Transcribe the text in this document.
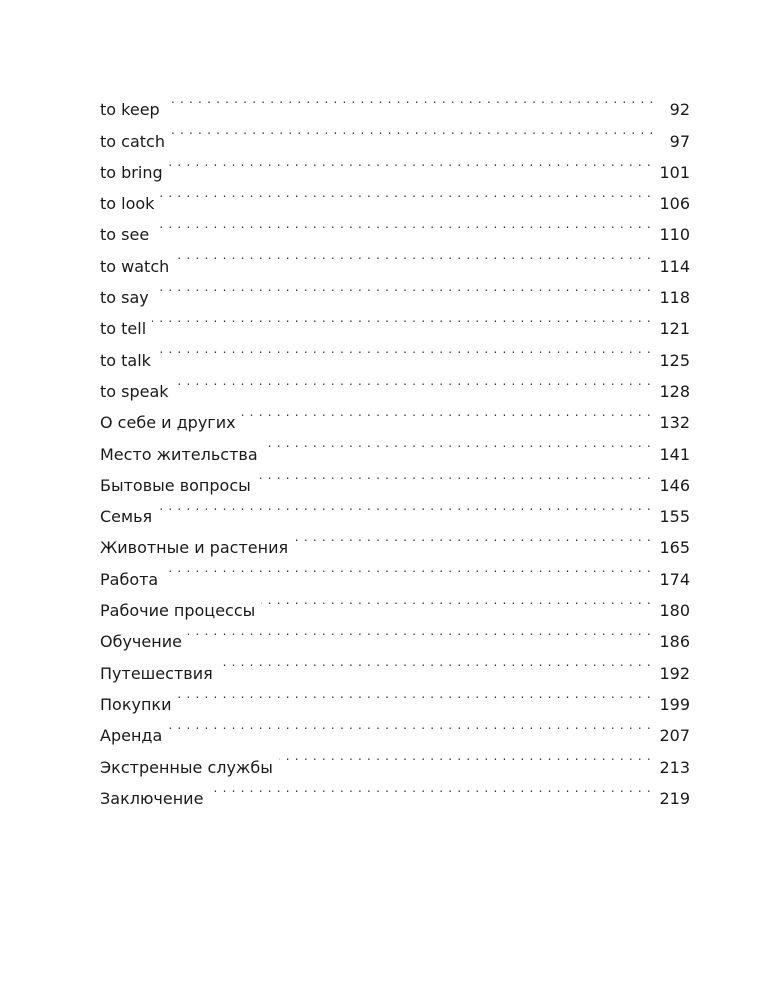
to keep . . .	92
to catch . . .	97
to bring . . .	101
to look . . .	106
to see . . .	110
to watch . . .	114
to say . . .	118
to tell . . .	121
to talk . . .	125
to speak . . .	128
О себе и других . . .	132
Место жительства . . .	141
Бытовые вопросы . . .	146
Семья . . .	155
Животные и растения . . .	165
Работа . . .	174
Рабочие процессы . . .	180
Обучение . . .	186
Путешествия . . .	192
Покупки . . .	199
Аренда . . .	207
Экстренные службы . . .	213
Заключение . . .	219
